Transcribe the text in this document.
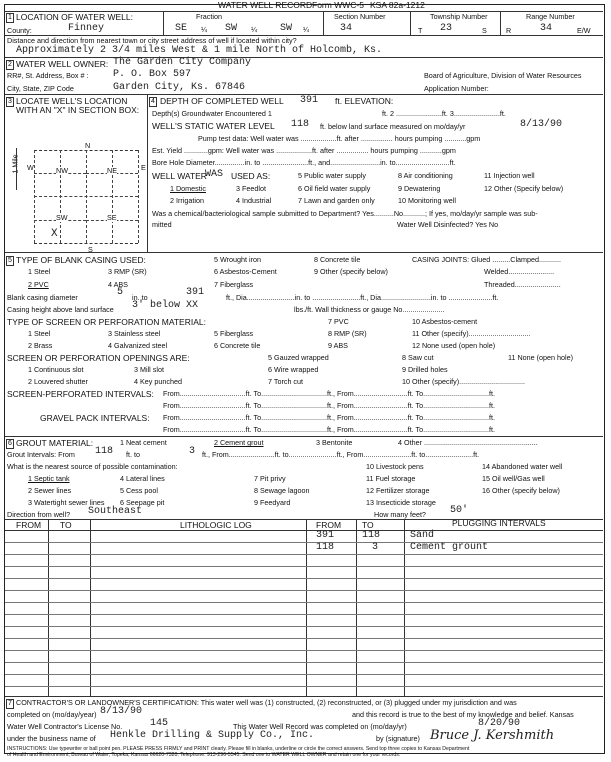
WATER WELL RECORD Form WWC-5 KSA 82a-1212
1 LOCATION OF WATER WELL:
County:	Finney
Fraction
SE ¼ SW ¼ SW ¼
Section Number
34
Township Number
T 23	S
Range Number
R	34	E/W
Distance and direction from nearest town or city street address of well if located within city?
Approximately 2 3/4 miles West & 1 mile North of Holcomb, Ks.
2 WATER WELL OWNER: The Garden City Company
RR#, St. Address, Box # : P. O. Box 597	Board of Agriculture, Division of Water Resources
City, State, ZIP Code	Garden City, Ks. 67846	Application Number:
3 LOCATE WELL'S LOCATION WITH AN "X" IN SECTION BOX:
4
N
W	E
S
1 Mile	NW	NE
SW	SE
X
DEPTH OF COMPLETED WELL 391 ft. ELEVATION:
Depth(s) Groundwater Encountered 1	ft. 2 .......................ft. 3.......................ft.
WELL'S STATIC WATER LEVEL 118 ft. below land surface measured on mo/day/yr	8/13/90
Pump test data: Well water was ..................ft. after ................ hours pumping ...........gpm
Est. Yield ............gpm: Well water was ..................ft. after ................ hours pumping ...........gpm
Bore Hole Diameter...............in. to .......................ft., and.........................in. to...........................ft.
WELL WATER
WAS USED AS:	5 Public water supply	8 Air conditioning	11 Injection well
1 Domestic	3 Feedlot	6 Oil field water supply	9 Dewatering	12 Other (Specify below)
2 Irrigation	4 Industrial	7 Lawn and garden only	10 Monitoring well
Was a chemical/bacteriological sample submitted to Department? Yes..........No...........; If yes, mo/day/yr sample was sub-
mitted	Water Well Disinfected? Yes No
5 TYPE OF BLANK CASING USED:	5 Wrought iron	8 Concrete tile	CASING JOINTS: Glued .........Clamped...........
1 Steel	3 RMP (SR)	6 Asbestos-Cement	9 Other (specify below)	Welded.......................
2 PVC	4 ABS	7 Fiberglass	Threaded.......................
Blank casing diameter	5 in. to	391	ft., Dia........................in. to ........................ft., Dia.........................in. to ......................ft.
Casing height above land surface 3' below XX	lbs./ft. Wall thickness or gauge No.....................
TYPE OF SCREEN OR PERFORATION MATERIAL:	7 PVC	10 Asbestos-cement
1 Steel	3 Stainless steel	5 Fiberglass	8 RMP (SR)	11 Other (specify)...............................
2 Brass	4 Galvanized steel	6 Concrete tile	9 ABS	12 None used (open hole)
SCREEN OR PERFORATION OPENINGS ARE:	5 Gauzed wrapped	8 Saw cut	11 None (open hole)
1 Continuous slot	3 Mill slot	6 Wire wrapped	9 Drilled holes
2 Louvered shutter	4 Key punched	7 Torch cut	10 Other (specify).................................
SCREEN-PERFORATED INTERVALS: From.................................ft. To.................................ft., From...........................ft. To.................................ft.
From.................................ft. To.................................ft., From...........................ft. To.................................ft.
GRAVEL PACK INTERVALS: From.................................ft. To.................................ft., From...........................ft. To.................................ft.
From.................................ft. To.................................ft., From...........................ft. To.................................ft.
6 GROUT MATERIAL:	1 Neat cement	2 Cement grout	3 Bentonite	4 Other .........................................................
Grout Intervals: From 118 ft. to	3 ft., From.......................ft. to........................ft., From........................ft. to........................ft.
What is the nearest source of possible contamination:	10 Livestock pens	14 Abandoned water well
1 Septic tank	4 Lateral lines	7 Pit privy	11 Fuel storage	15 Oil well/Gas well
2 Sewer lines	5 Cess pool	8 Sewage lagoon	12 Fertilizer storage	16 Other (specify below)
3 Watertight sewer lines 6 Seepage pit	9 Feedyard	13 Insecticide storage
Direction from well? Southeast	How many feet? 50'
FROM TO	LITHOLOGIC LOG	FROM TO	PLUGGING INTERVALS
391	118	Sand
118	3	Cement grount
7 CONTRACTOR'S OR LANDOWNER'S CERTIFICATION: This water well was (1) constructed, (2) reconstructed, or (3) plugged under my jurisdiction and was
completed on (mo/day/year) 8/13/90	and this record is true to the best of my knowledge and belief. Kansas
Water Well Contractor's License No.	145	This Water Well Record was completed on (mo/day/yr)	8/20/90
under the business name of Henkle Drilling & Supply Co., Inc.	by (signature) Bruce J. Kershmith
INSTRUCTIONS: Use typewriter or ball point pen. PLEASE PRESS FIRMLY and PRINT clearly. Please fill in blanks, underline or circle the correct answers. Send top three copies to Kansas Department
of Health and Environment, Bureau of Water, Topeka, Kansas 66620-7320. Telephone: 913-296-5545. Send one to WATER WELL OWNER and retain one for your records.
